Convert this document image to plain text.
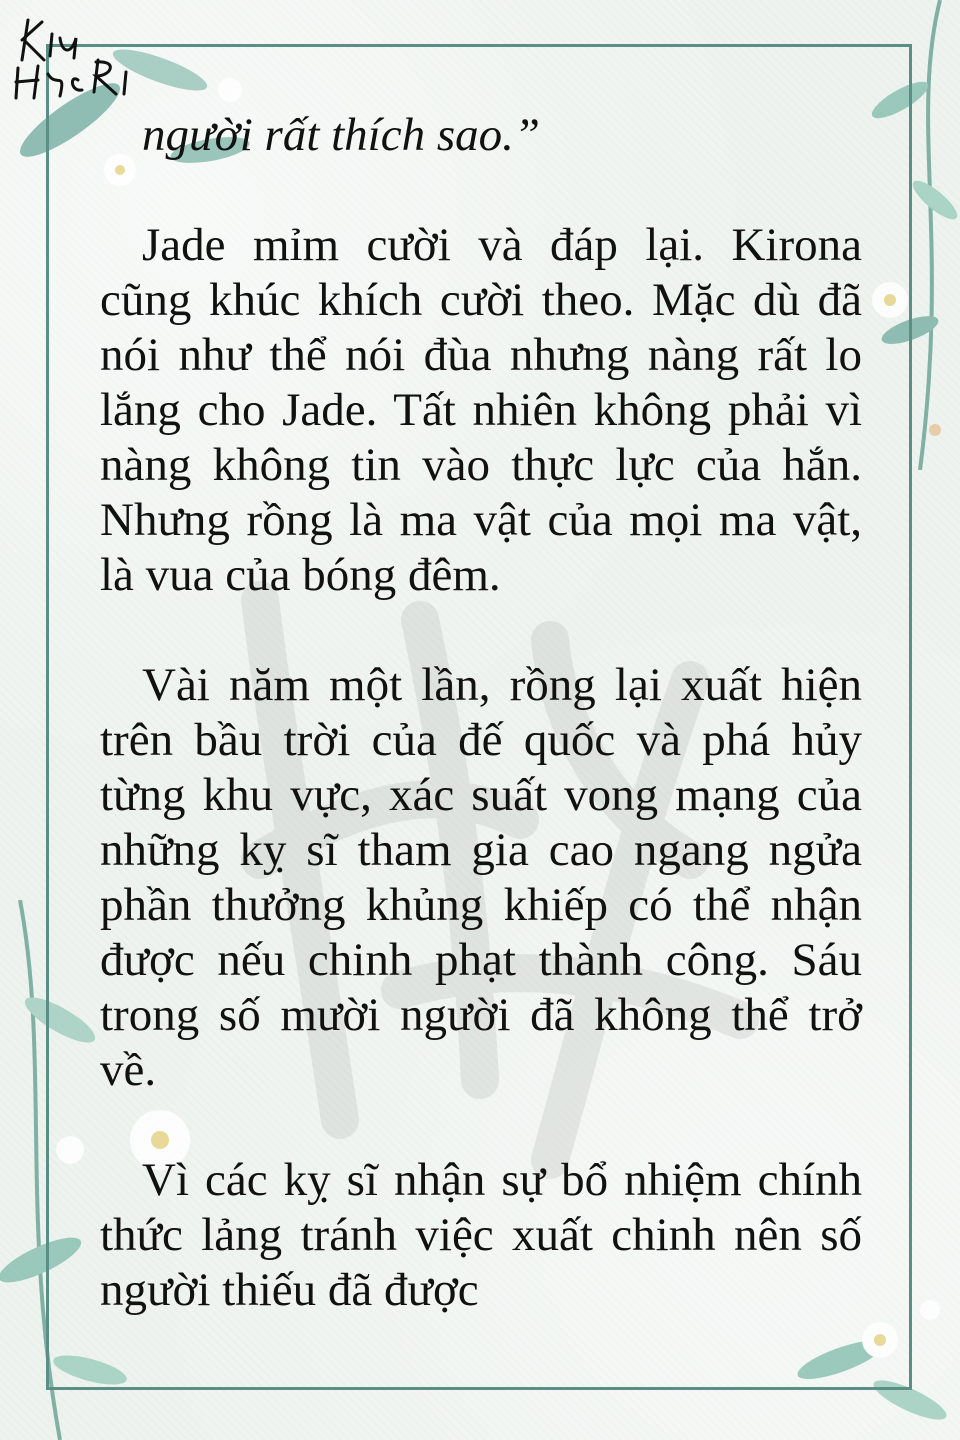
người rất thích sao.”

Jade mỉm cười và đáp lại. Kirona cũng khúc khích cười theo. Mặc dù đã nói như thể nói đùa nhưng nàng rất lo lắng cho Jade. Tất nhiên không phải vì nàng không tin vào thực lực của hắn. Nhưng rồng là ma vật của mọi ma vật, là vua của bóng đêm.

Vài năm một lần, rồng lại xuất hiện trên bầu trời của đế quốc và phá hủy từng khu vực, xác suất vong mạng của những kỵ sĩ tham gia cao ngang ngửa phần thưởng khủng khiếp có thể nhận được nếu chinh phạt thành công. Sáu trong số mười người đã không thể trở về.

Vì các kỵ sĩ nhận sự bổ nhiệm chính thức lảng tránh việc xuất chinh nên số người thiếu đã được
